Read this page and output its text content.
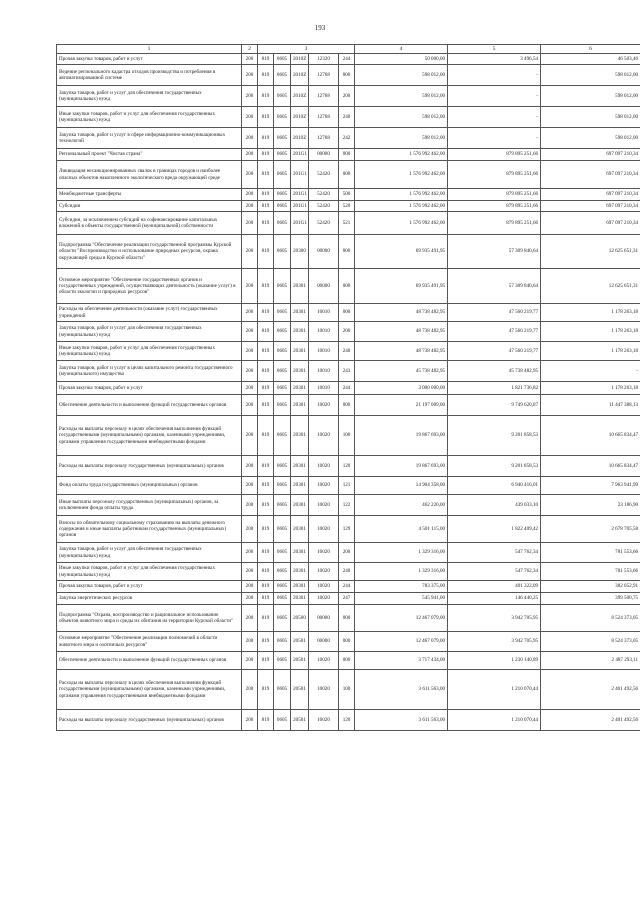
193
1	2	3					4	5	6
Прочая закупка товаров, работ и услуг	200	819	0605	2010Z	12320	244	50 000,00	3 496,54	46 503,46
Ведение регионального кадастра отходов производства и потребления в автоматизированной системе	200	819	0605	2010Z	12768	000	598 012,00	-	598 012,00
Закупка товаров, работ и услуг для обеспечения государственных (муниципальных) нужд	200	819	0605	2010Z	12768	200	598 012,00	-	598 012,00
Иные закупки товаров, работ и услуг для обеспечения государственных (муниципальных) нужд	200	819	0605	2010Z	12768	240	598 012,00	-	598 012,00
Закупка товаров, работ и услуг в сфере информационно-коммуникационных технологий	200	819	0605	2010Z	12768	242	598 012,00	-	598 012,00
Региональный проект "Чистая страна"	200	819	0605	201G1	00000	000	1 576 992 462,00	879 895 251,66	697 097 210,34
Ликвидация несанкционированных свалок в границах городов и наиболее опасных объектов накопленного экологического вреда окружающей среде	200	819	0605	201G1	52420	000	1 576 992 462,00	879 895 251,66	697 097 210,34
Межбюджетные трансферты	200	819	0605	201G1	52420	500	1 576 992 462,00	879 895 251,66	697 097 210,34
Субсидии	200	819	0605	201G1	52420	520	1 576 992 462,00	879 895 251,66	697 097 210,34
Субсидии, за исключением субсидий на софинансирование капитальных вложений в объекты государственной (муниципальной) собственности	200	819	0605	201G1	52420	521	1 576 992 462,00	879 895 251,66	697 097 210,34
Подпрограмма "Обеспечение реализации государственной программы Курской области "Воспроизводство и использование природных ресурсов, охрана окружающей среды в Курской области"	200	819	0605	20300	00000	000	69 935 491,95	57 309 840,64	12 625 651,31
Основное мероприятие "Обеспечение государственных органов и государственных учреждений, осуществляющих деятельность (оказание услуг) в области экологии и природных ресурсов"	200	819	0605	20301	00000	000	69 935 491,95	57 309 840,64	12 625 651,31
Расходы на обеспечение деятельности (оказание услуг) государственных учреждений	200	819	0605	20301	10010	000	48 738 482,95	47 560 219,77	1 178 263,18
Закупка товаров, работ и услуг для обеспечения государственных (муниципальных) нужд	200	819	0605	20301	10010	200	48 738 482,95	47 560 219,77	1 178 263,18
Иные закупки товаров, работ и услуг для обеспечения государственных (муниципальных) нужд	200	819	0605	20301	10010	240	48 738 482,95	47 560 219,77	1 178 263,18
Закупка товаров, работ и услуг в целях капитального ремонта государственного (муниципального) имущества	200	819	0605	20301	10010	243	45 738 482,95	45 738 482,95	-
Прочая закупка товаров, работ и услуг	200	819	0605	20301	10010	244	3 000 000,00	1 821 736,82	1 178 263,18
Обеспечение деятельности и выполнение функций государственных органов	200	819	0605	20301	10020	000	21 197 009,00	9 749 620,87	11 447 388,13
Расходы на выплаты персоналу в целях обеспечения выполнения функций государственными (муниципальными) органами, казенными учреждениями, органами управления государственными внебюджетными фондами	200	819	0605	20301	10020	100	19 867 693,00	9 201 858,53	10 665 834,47
Расходы на выплаты персоналу государственных (муниципальных) органов	200	819	0605	20301	10020	120	19 867 693,00	9 201 858,53	10 665 834,47
Фонд оплаты труда государственных (муниципальных) органов	200	819	0605	20301	10020	121	14 904 358,00	6 940 416,01	7 963 941,99
Иные выплаты персоналу государственных (муниципальных) органов, за исключением фонда оплаты труда	200	819	0605	20301	10020	122	462 220,00	439 033,10	23 186,90
Взносы по обязательному социальному страхованию на выплаты денежного содержания и иные выплаты работникам государственных (муниципальных) органов	200	819	0605	20301	10020	129	4 501 115,00	1 822 409,42	2 678 705,58
Закупка товаров, работ и услуг для обеспечения государственных (муниципальных) нужд	200	819	0605	20301	10020	200	1 329 316,00	547 762,34	781 553,66
Иные закупки товаров, работ и услуг для обеспечения государственных (муниципальных) нужд	200	819	0605	20301	10020	240	1 329 316,00	547 762,34	781 553,66
Прочая закупка товаров, работ и услуг	200	819	0605	20301	10020	244	783 375,00	401 322,09	382 052,91
Закупка энергетических ресурсов	200	819	0605	20301	10020	247	545 941,00	146 440,25	399 500,75
Подпрограмма "Охрана, воспроизводство и рациональное использование объектов животного мира и среды их обитания на территории Курской области"	200	819	0605	20500	00000	000	12 467 079,00	3 942 705,95	8 524 373,05
Основное мероприятие "Обеспечение реализации полномочий в области животного мира и охотничьих ресурсов"	200	819	0605	20501	00000	000	12 467 079,00	3 942 705,95	8 524 373,05
Обеспечение деятельности и выполнение функций государственных органов	200	819	0605	20501	10020	000	3 717 434,00	1 230 140,89	2 487 293,11
Расходы на выплаты персоналу в целях обеспечения выполнения функций государственными (муниципальными) органами, казенными учреждениями, органами управления государственными внебюджетными фондами	200	819	0605	20501	10020	100	3 611 563,00	1 210 070,44	2 401 492,56
Расходы на выплаты персоналу государственных (муниципальных) органов	200	819	0605	20501	10020	120	3 611 563,00	1 210 070,44	2 401 492,56
